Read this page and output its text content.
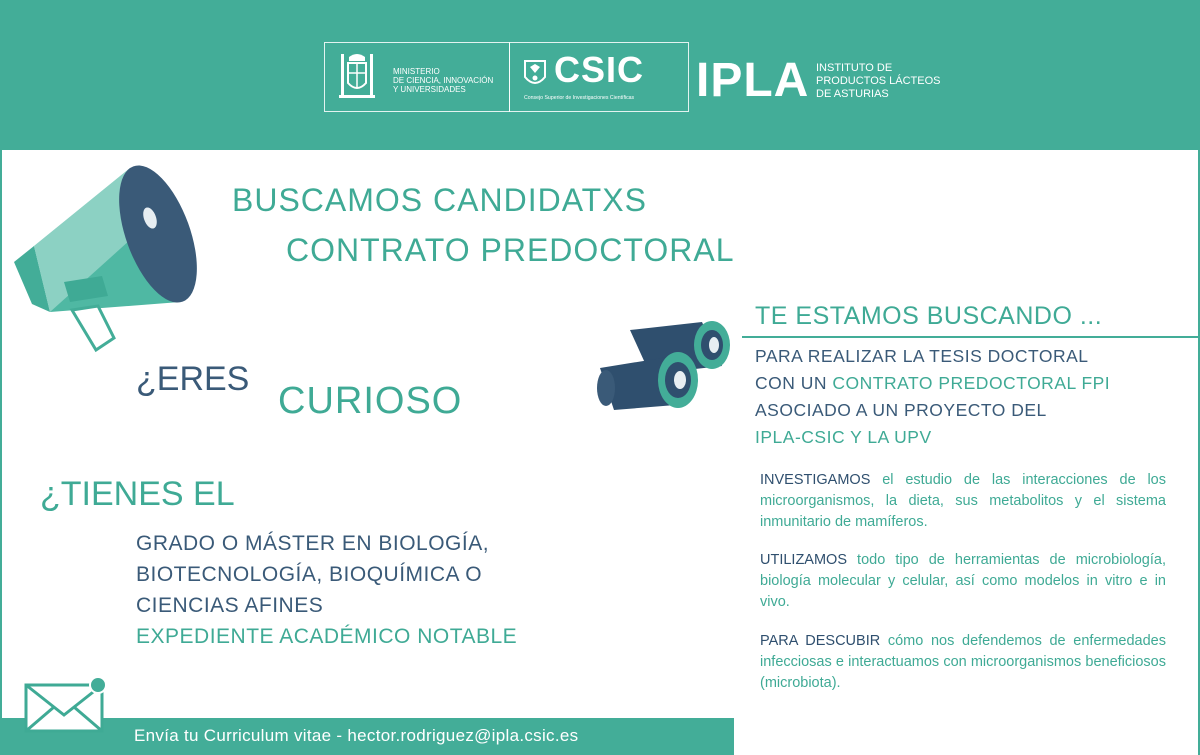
MINISTERIO
DE CIENCIA, INNOVACIÓN
Y UNIVERSIDADES	CSIC
Consejo Superior de Investigaciones Científicas IPLA INSTITUTO DE
PRODUCTOS LÁCTEOS
DE ASTURIAS
BUSCAMOS CANDIDATXS
CONTRATO PREDOCTORAL
¿ERES
CURIOSO
¿TIENES EL
GRADO O MÁSTER EN BIOLOGÍA,
BIOTECNOLOGÍA, BIOQUÍMICA O
CIENCIAS AFINES
EXPEDIENTE ACADÉMICO NOTABLE
TE ESTAMOS BUSCANDO ...
PARA REALIZAR LA TESIS DOCTORAL
CON UN CONTRATO PREDOCTORAL FPI
ASOCIADO A UN PROYECTO DEL
IPLA-CSIC Y LA UPV
INVESTIGAMOS el estudio de las interacciones de los microorganismos, la dieta, sus metabolitos y el sistema inmunitario de mamíferos.
UTILIZAMOS todo tipo de herramientas de microbiología, biología molecular y celular, así como modelos in vitro e in vivo.
PARA DESCUBIR cómo nos defendemos de enfermedades infecciosas e interactuamos con microorganismos beneficiosos (microbiota).
Envía tu Curriculum vitae - hector.rodriguez@ipla.csic.es
